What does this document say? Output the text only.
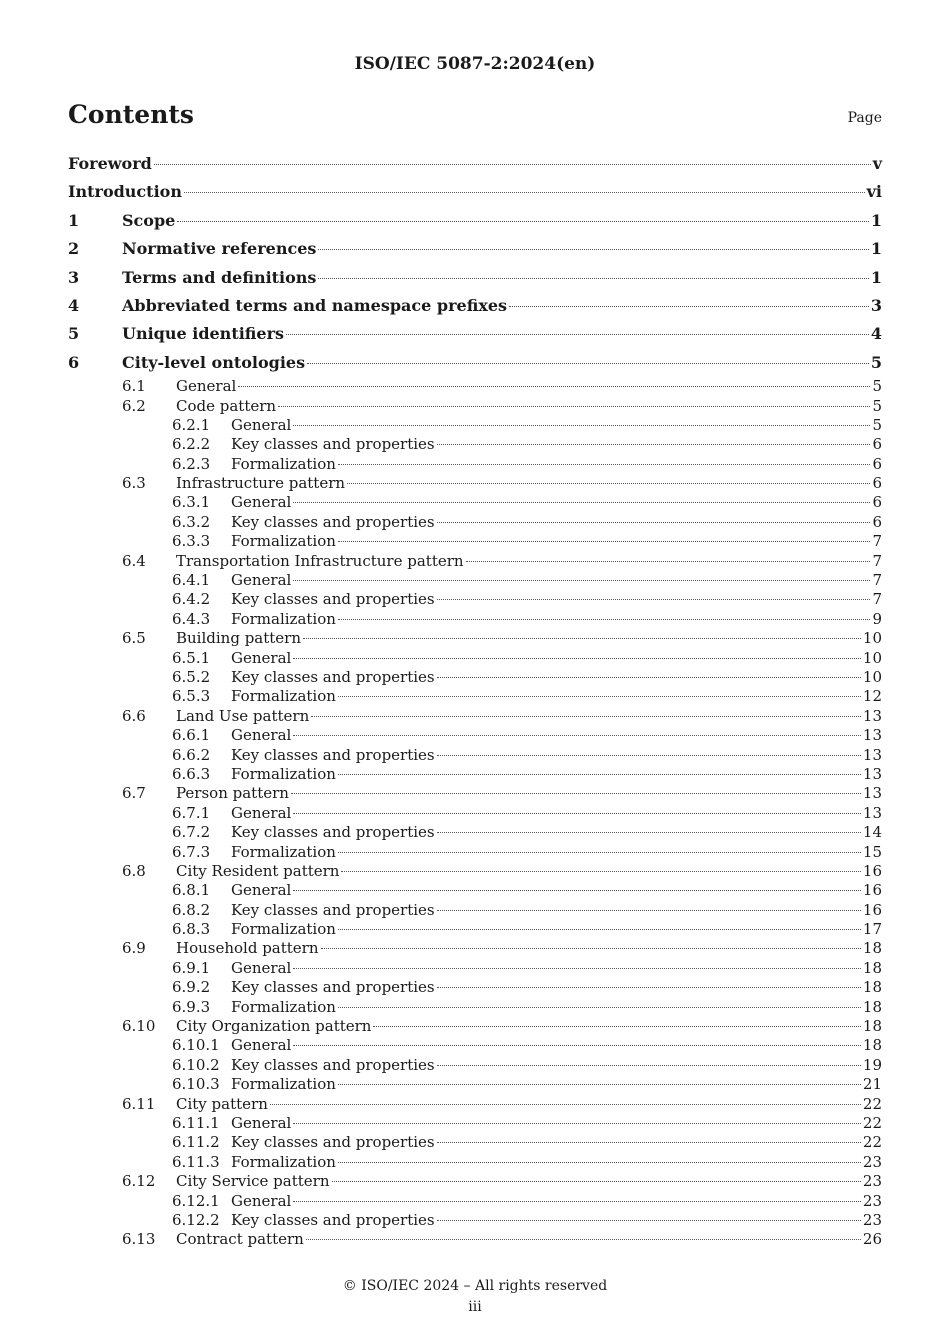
ISO/IEC 5087-2:2024(en)
Contents	Page
Foreword	v
Introduction	vi
1	Scope	1
2	Normative references	1
3	Terms and definitions	1
4	Abbreviated terms and namespace prefixes	3
5	Unique identifiers	4
6	City-level ontologies	5
6.1	General	5
6.2	Code pattern	5
6.2.1	General	5
6.2.2	Key classes and properties	6
6.2.3	Formalization	6
6.3	Infrastructure pattern	6
6.3.1	General	6
6.3.2	Key classes and properties	6
6.3.3	Formalization	7
6.4	Transportation Infrastructure pattern	7
6.4.1	General	7
6.4.2	Key classes and properties	7
6.4.3	Formalization	9
6.5	Building pattern	10
6.5.1	General	10
6.5.2	Key classes and properties	10
6.5.3	Formalization	12
6.6	Land Use pattern	13
6.6.1	General	13
6.6.2	Key classes and properties	13
6.6.3	Formalization	13
6.7	Person pattern	13
6.7.1	General	13
6.7.2	Key classes and properties	14
6.7.3	Formalization	15
6.8	City Resident pattern	16
6.8.1	General	16
6.8.2	Key classes and properties	16
6.8.3	Formalization	17
6.9	Household pattern	18
6.9.1	General	18
6.9.2	Key classes and properties	18
6.9.3	Formalization	18
6.10	City Organization pattern	18
6.10.1 General	18
6.10.2 Key classes and properties	19
6.10.3 Formalization	21
6.11	City pattern	22
6.11.1 General	22
6.11.2 Key classes and properties	22
6.11.3 Formalization	23
6.12	City Service pattern	23
6.12.1 General	23
6.12.2 Key classes and properties	23
6.13	Contract pattern	26
© ISO/IEC 2024 – All rights reserved
iii
